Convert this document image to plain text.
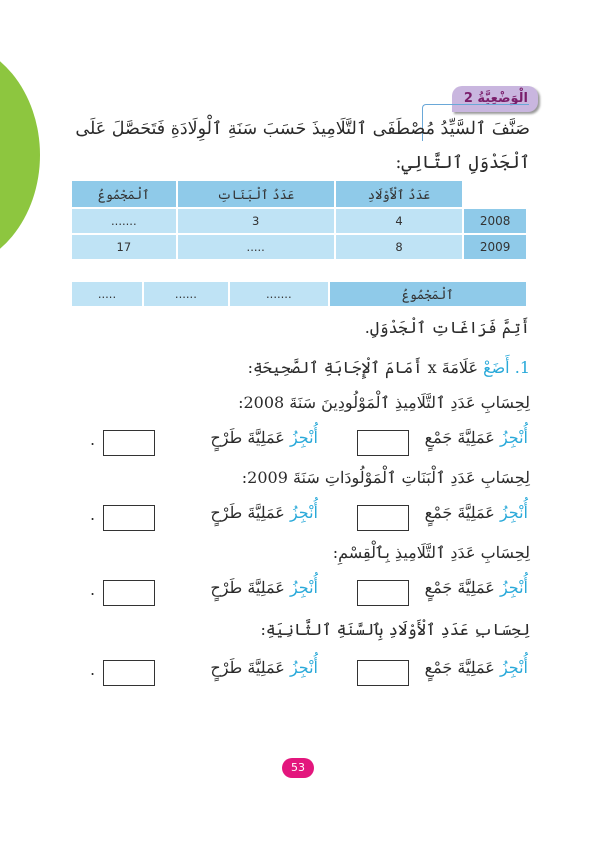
الْوَضْعِيَّةُ 2
صَنَّفَ ٱلسَّيِّدُ مُصْطَفَى ٱلتَّلَامِيذَ حَسَبَ سَنَةِ ٱلْوِلَادَةِ فَتَحَصَّلَ عَلَى
ٱلْجَدْوَلِ ٱلتَّالِي:
ٱلْمَجْمُوعُ	عَدَدُ ٱلْبَنَاتِ	عَدَدُ ٱلْأَوْلَادِ	
.......	3	4	2008
17	.....	8	2009
.....	......	.......	ٱلْمَجْمُوعُ
أَتِمَّ فَرَاغَاتِ ٱلْجَدْوَلِ.
1. أَضَعْ عَلَامَةَ x أَمَامَ ٱلْإِجَابَةِ ٱلصَّحِيحَةِ:
لِحِسَابِ عَدَدِ ٱلتَّلَامِيذِ ٱلْمَوْلُودِينَ سَنَةَ 2008:
أُنْجِزُ عَمَلِيَّةَ جَمْعٍ
أُنْجِزُ عَمَلِيَّةَ طَرْحٍ
.
لِحِسَابِ عَدَدِ ٱلْبَنَاتِ ٱلْمَوْلُودَاتِ سَنَةَ 2009:
أُنْجِزُ عَمَلِيَّةَ جَمْعٍ
أُنْجِزُ عَمَلِيَّةَ طَرْحٍ
.
لِحِسَابِ عَدَدِ ٱلتَّلَامِيذِ بِٱلْقِسْمِ:
أُنْجِزُ عَمَلِيَّةَ جَمْعٍ
أُنْجِزُ عَمَلِيَّةَ طَرْحٍ
.
لِحِسَابِ عَدَدِ ٱلْأَوْلَادِ بِٱلسَّنَةِ ٱلثَّانِيَةِ:
أُنْجِزُ عَمَلِيَّةَ جَمْعٍ
أُنْجِزُ عَمَلِيَّةَ طَرْحٍ
.
53
